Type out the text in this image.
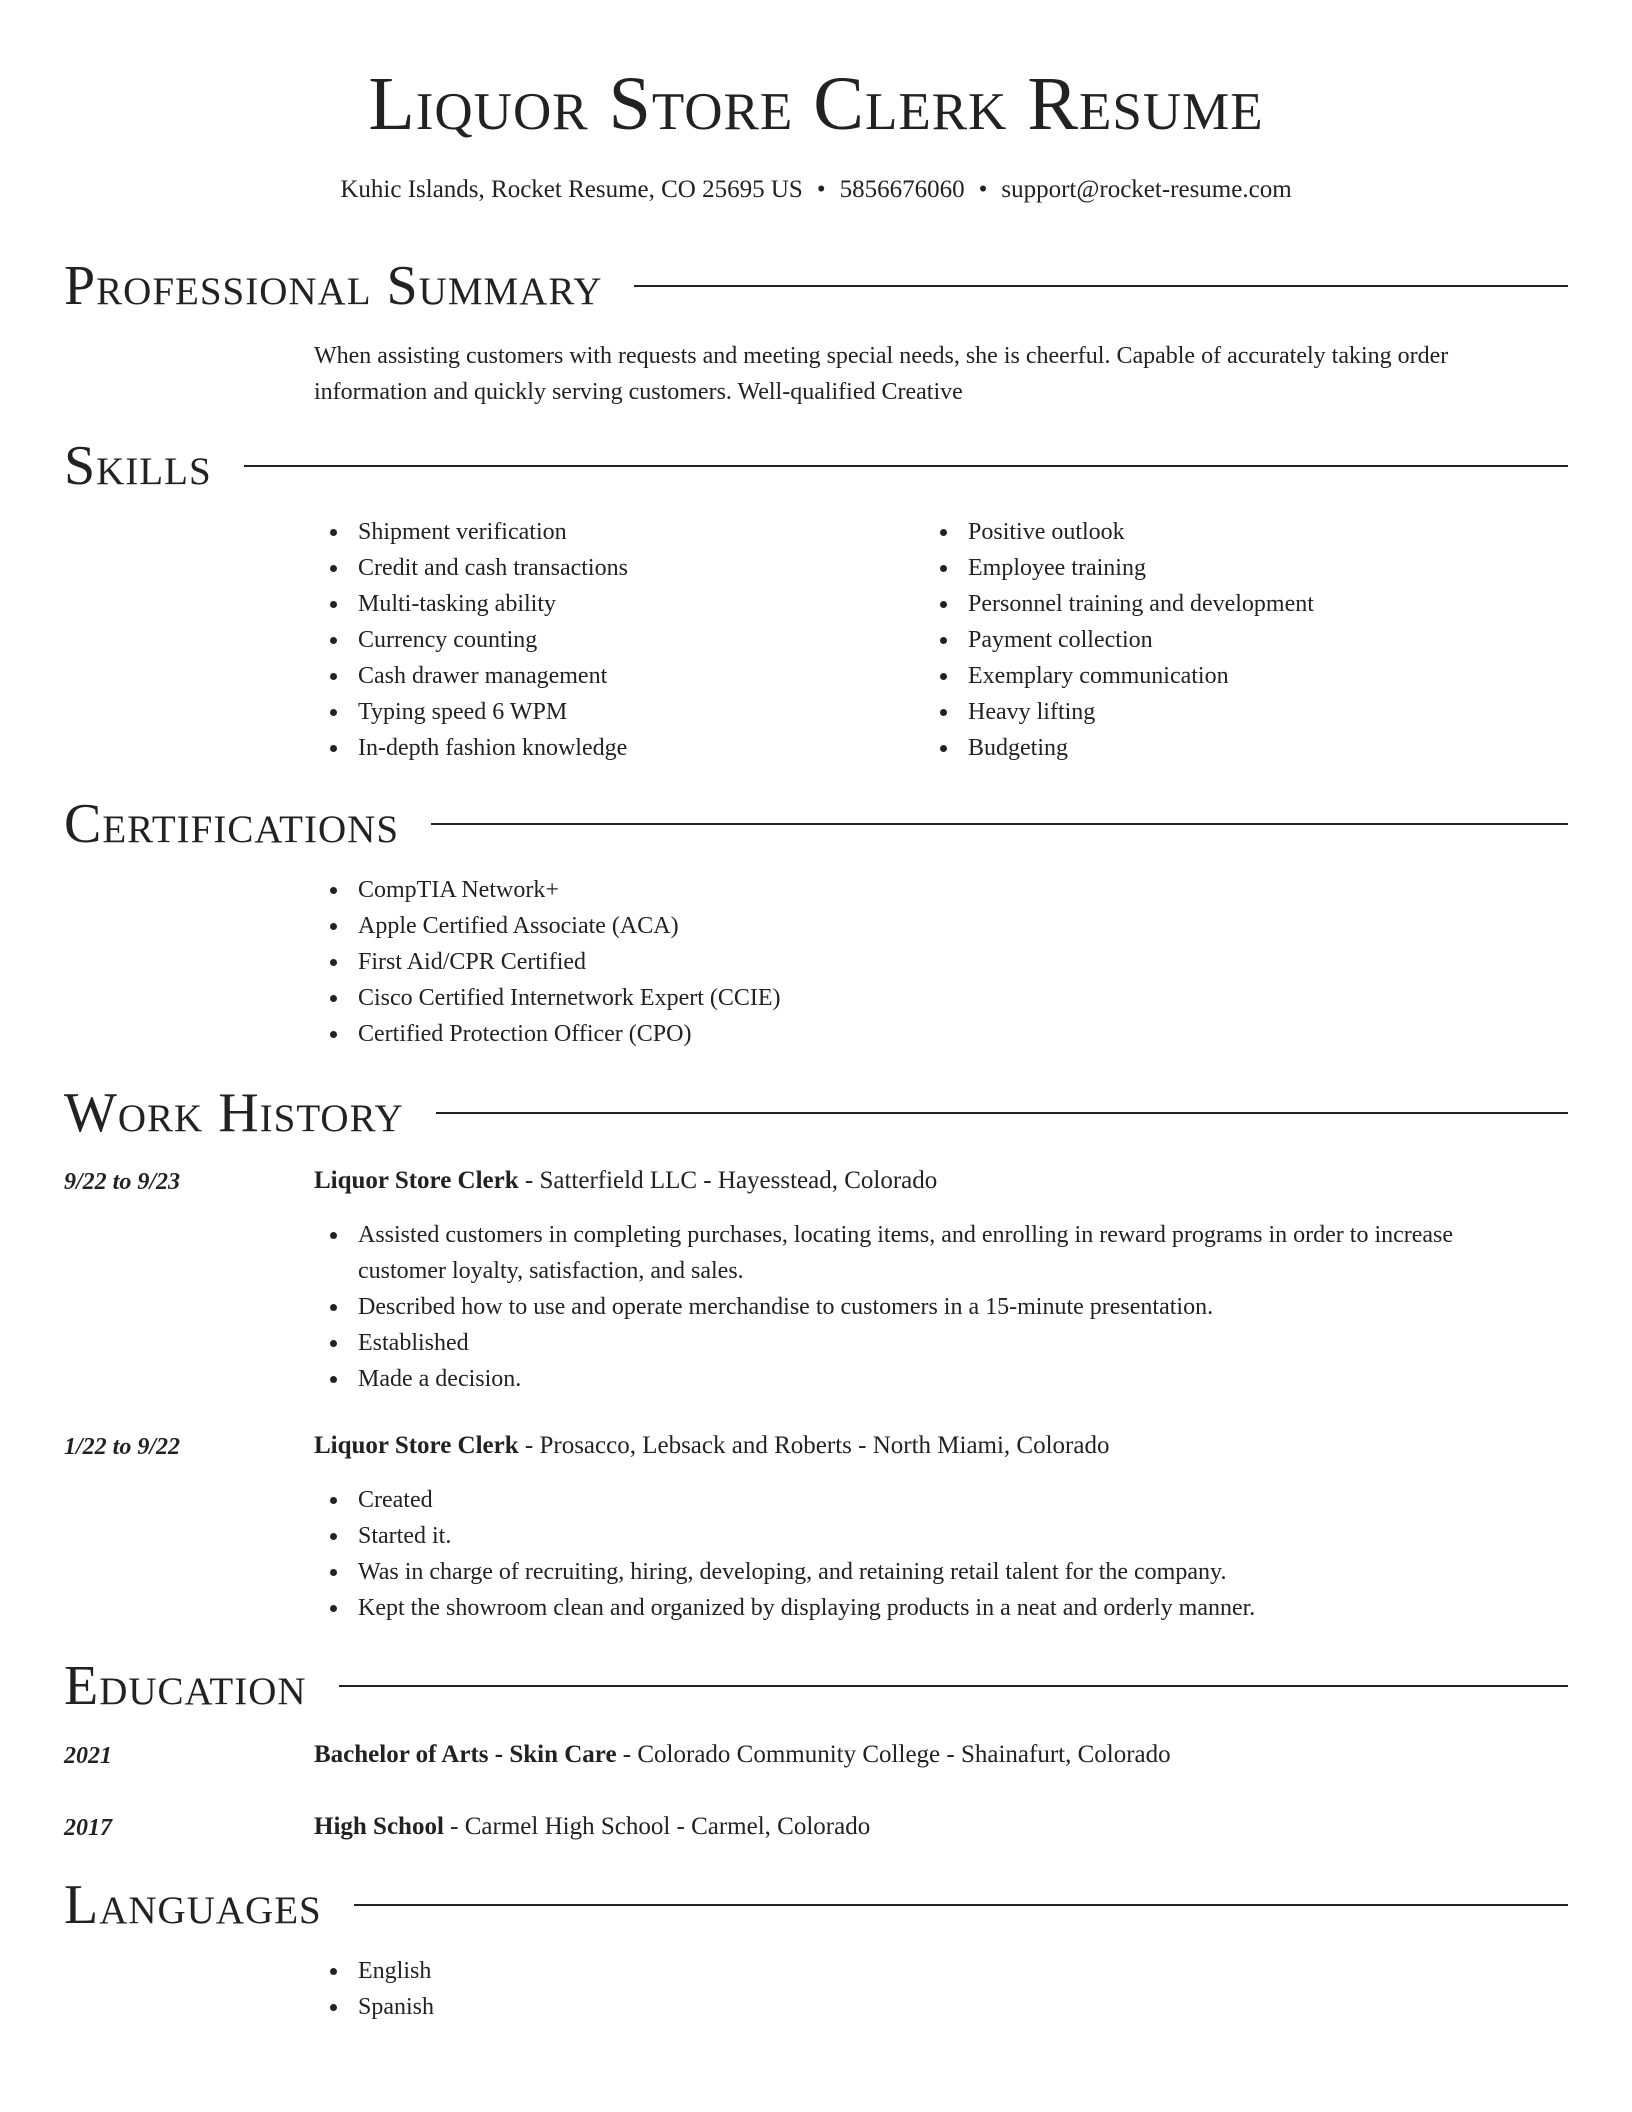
Liquor Store Clerk Resume
Kuhic Islands, Rocket Resume, CO 25695 US • 5856676060 • support@rocket-resume.com
Professional Summary
When assisting customers with requests and meeting special needs, she is cheerful. Capable of accurately taking order information and quickly serving customers. Well-qualified Creative
Skills
Shipment verification
Credit and cash transactions
Multi-tasking ability
Currency counting
Cash drawer management
Typing speed 6 WPM
In-depth fashion knowledge
Positive outlook
Employee training
Personnel training and development
Payment collection
Exemplary communication
Heavy lifting
Budgeting
Certifications
CompTIA Network+
Apple Certified Associate (ACA)
First Aid/CPR Certified
Cisco Certified Internetwork Expert (CCIE)
Certified Protection Officer (CPO)
Work History
9/22 to 9/23	Liquor Store Clerk - Satterfield LLC - Hayesstead, Colorado
Assisted customers in completing purchases, locating items, and enrolling in reward programs in order to increase customer loyalty, satisfaction, and sales.
Described how to use and operate merchandise to customers in a 15-minute presentation.
Established
Made a decision.
1/22 to 9/22	Liquor Store Clerk - Prosacco, Lebsack and Roberts - North Miami, Colorado
Created
Started it.
Was in charge of recruiting, hiring, developing, and retaining retail talent for the company.
Kept the showroom clean and organized by displaying products in a neat and orderly manner.
Education
2021	Bachelor of Arts - Skin Care - Colorado Community College - Shainafurt, Colorado
2017	High School - Carmel High School - Carmel, Colorado
Languages
English
Spanish
